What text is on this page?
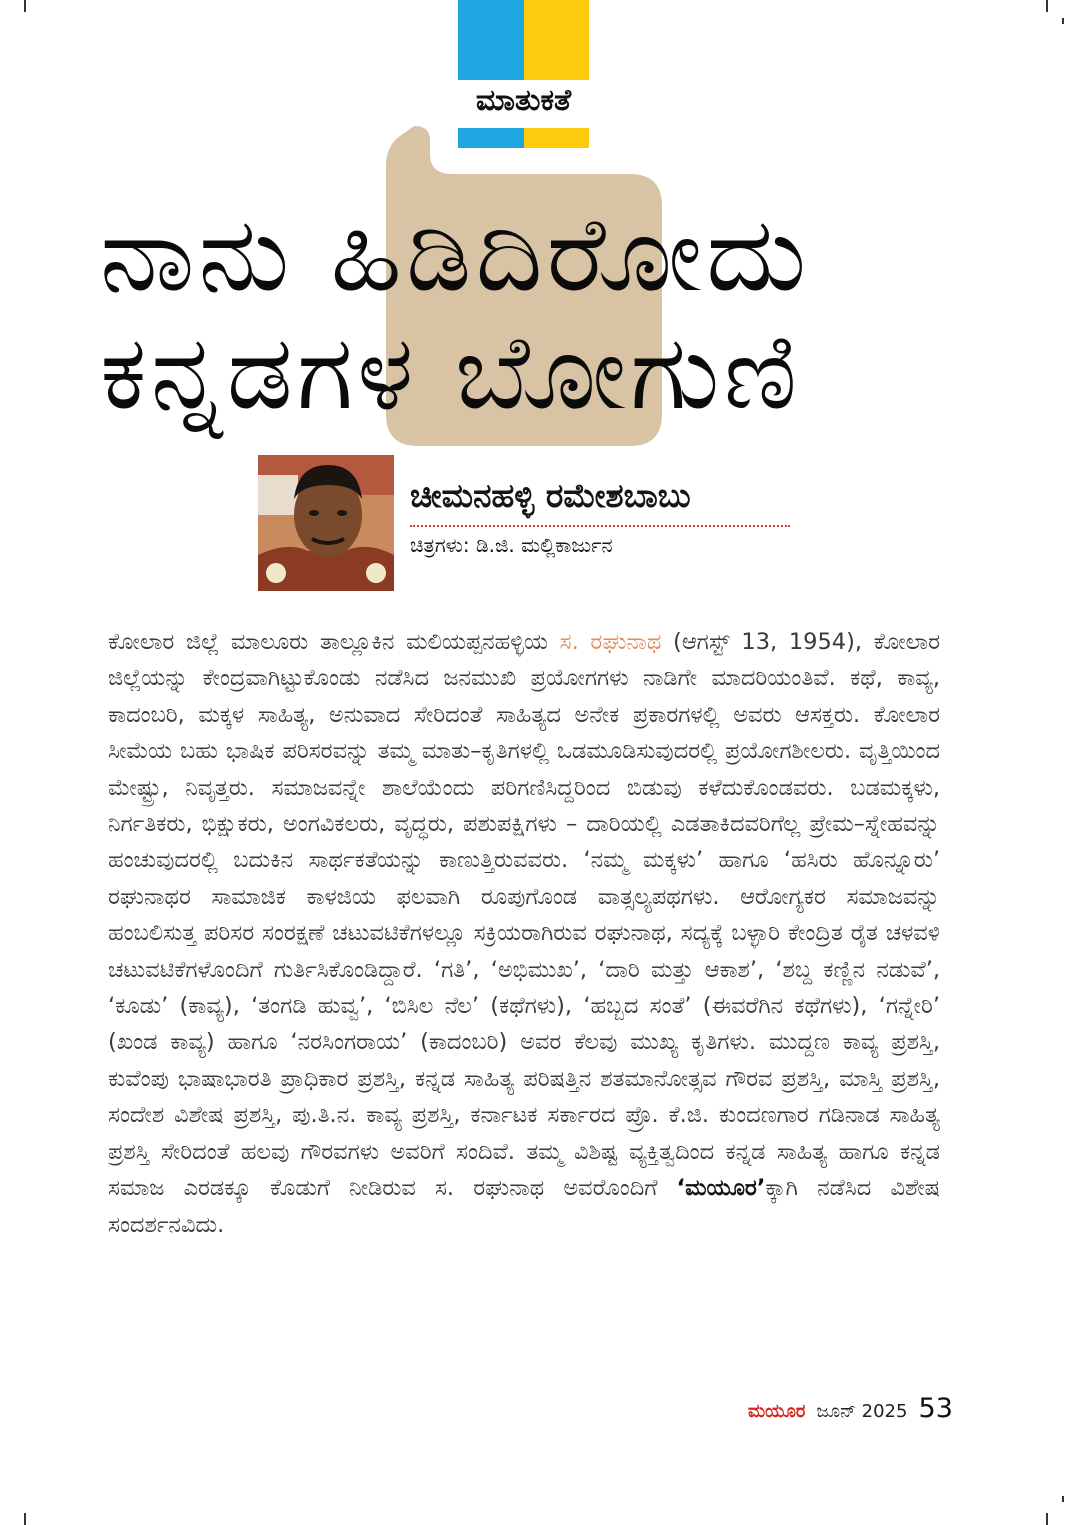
ಮಾತುಕತೆ
ನಾನು ಹಿಡಿದಿರೋದು
ಕನ್ನಡಗಳ ಬೋಗುಣಿ
ಚೀಮನಹಳ್ಳಿ ರಮೇಶಬಾಬು
ಚಿತ್ರಗಳು: ಡಿ.ಜಿ. ಮಲ್ಲಿಕಾರ್ಜುನ

ಕೋಲಾರ ಜಿಲ್ಲೆ ಮಾಲೂರು ತಾಲ್ಲೂಕಿನ ಮಲಿಯಪ್ಪನಹಳ್ಳಿಯ ಸ. ರಘುನಾಥ (ಆಗಸ್ಟ್ 13, 1954), ಕೋಲಾರ ಜಿಲ್ಲೆಯನ್ನು ಕೇಂದ್ರವಾಗಿಟ್ಟುಕೊಂಡು ನಡೆಸಿದ ಜನಮುಖಿ ಪ್ರಯೋಗಗಳು ನಾಡಿಗೇ ಮಾದರಿಯಂತಿವೆ. ಕಥೆ, ಕಾವ್ಯ, ಕಾದಂಬರಿ, ಮಕ್ಕಳ ಸಾಹಿತ್ಯ, ಅನುವಾದ ಸೇರಿದಂತೆ ಸಾಹಿತ್ಯದ ಅನೇಕ ಪ್ರಕಾರಗಳಲ್ಲಿ ಅವರು ಆಸಕ್ತರು. ಕೋಲಾರ ಸೀಮೆಯ ಬಹು ಭಾಷಿಕ ಪರಿಸರವನ್ನು ತಮ್ಮ ಮಾತು–ಕೃತಿಗಳಲ್ಲಿ ಒಡಮೂಡಿಸುವುದರಲ್ಲಿ ಪ್ರಯೋಗಶೀಲರು. ವೃತ್ತಿಯಿಂದ ಮೇಷ್ಟ್ರು, ನಿವೃತ್ತರು. ಸಮಾಜವನ್ನೇ ಶಾಲೆಯೆಂದು ಪರಿಗಣಿಸಿದ್ದರಿಂದ ಬಿಡುವು ಕಳೆದುಕೊಂಡವರು. ಬಡಮಕ್ಕಳು, ನಿರ್ಗತಿಕರು, ಭಿಕ್ಷುಕರು, ಅಂಗವಿಕಲರು, ವೃದ್ಧರು, ಪಶುಪಕ್ಷಿಗಳು – ದಾರಿಯಲ್ಲಿ ಎಡತಾಕಿದವರಿಗೆಲ್ಲ ಪ್ರೇಮ–ಸ್ನೇಹವನ್ನು ಹಂಚುವುದರಲ್ಲಿ ಬದುಕಿನ ಸಾರ್ಥಕತೆಯನ್ನು ಕಾಣುತ್ತಿರುವವರು. ‘ನಮ್ಮ ಮಕ್ಕಳು’ ಹಾಗೂ ‘ಹಸಿರು ಹೊನ್ನೂರು’ ರಘುನಾಥರ ಸಾಮಾಜಿಕ ಕಾಳಜಿಯ ಫಲವಾಗಿ ರೂಪುಗೊಂಡ ವಾತ್ಸಲ್ಯಪಥಗಳು. ಆರೋಗ್ಯಕರ ಸಮಾಜವನ್ನು ಹಂಬಲಿಸುತ್ತ ಪರಿಸರ ಸಂರಕ್ಷಣೆ ಚಟುವಟಿಕೆಗಳಲ್ಲೂ ಸಕ್ರಿಯರಾಗಿರುವ ರಘುನಾಥ, ಸದ್ಯಕ್ಕೆ ಬಳ್ಳಾರಿ ಕೇಂದ್ರಿತ ರೈತ ಚಳವಳಿ ಚಟುವಟಿಕೆಗಳೊಂದಿಗೆ ಗುರ್ತಿಸಿಕೊಂಡಿದ್ದಾರೆ. ‘ಗತಿ’, ‘ಅಭಿಮುಖ’, ‘ದಾರಿ ಮತ್ತು ಆಕಾಶ’, ‘ಶಬ್ದ ಕಣ್ಣಿನ ನಡುವೆ’, ‘ಕೂಡು’ (ಕಾವ್ಯ), ‘ತಂಗಡಿ ಹುವ್ವ’, ‘ಬಿಸಿಲ ನೆಲ’ (ಕಥೆಗಳು), ‘ಹಬ್ಬದ ಸಂತೆ’ (ಈವರೆಗಿನ ಕಥೆಗಳು), ‘ಗನ್ನೇರಿ’ (ಖಂಡ ಕಾವ್ಯ) ಹಾಗೂ ‘ನರಸಿಂಗರಾಯ’ (ಕಾದಂಬರಿ) ಅವರ ಕೆಲವು ಮುಖ್ಯ ಕೃತಿಗಳು. ಮುದ್ದಣ ಕಾವ್ಯ ಪ್ರಶಸ್ತಿ, ಕುವೆಂಪು ಭಾಷಾಭಾರತಿ ಪ್ರಾಧಿಕಾರ ಪ್ರಶಸ್ತಿ, ಕನ್ನಡ ಸಾಹಿತ್ಯ ಪರಿಷತ್ತಿನ ಶತಮಾನೋತ್ಸವ ಗೌರವ ಪ್ರಶಸ್ತಿ, ಮಾಸ್ತಿ ಪ್ರಶಸ್ತಿ, ಸಂದೇಶ ವಿಶೇಷ ಪ್ರಶಸ್ತಿ, ಪು.ತಿ.ನ. ಕಾವ್ಯ ಪ್ರಶಸ್ತಿ, ಕರ್ನಾಟಕ ಸರ್ಕಾರದ ಪ್ರೊ. ಕೆ.ಜಿ. ಕುಂದಣಗಾರ ಗಡಿನಾಡ ಸಾಹಿತ್ಯ ಪ್ರಶಸ್ತಿ ಸೇರಿದಂತೆ ಹಲವು ಗೌರವಗಳು ಅವರಿಗೆ ಸಂದಿವೆ. ತಮ್ಮ ವಿಶಿಷ್ಟ ವ್ಯಕ್ತಿತ್ವದಿಂದ ಕನ್ನಡ ಸಾಹಿತ್ಯ ಹಾಗೂ ಕನ್ನಡ ಸಮಾಜ ಎರಡಕ್ಕೂ ಕೊಡುಗೆ ನೀಡಿರುವ ಸ. ರಘುನಾಥ ಅವರೊಂದಿಗೆ ‘ಮಯೂರ’ಕ್ಕಾಗಿ ನಡೆಸಿದ ವಿಶೇಷ ಸಂದರ್ಶನವಿದು.

ಮಯೂರ ಜೂನ್ 2025 53
